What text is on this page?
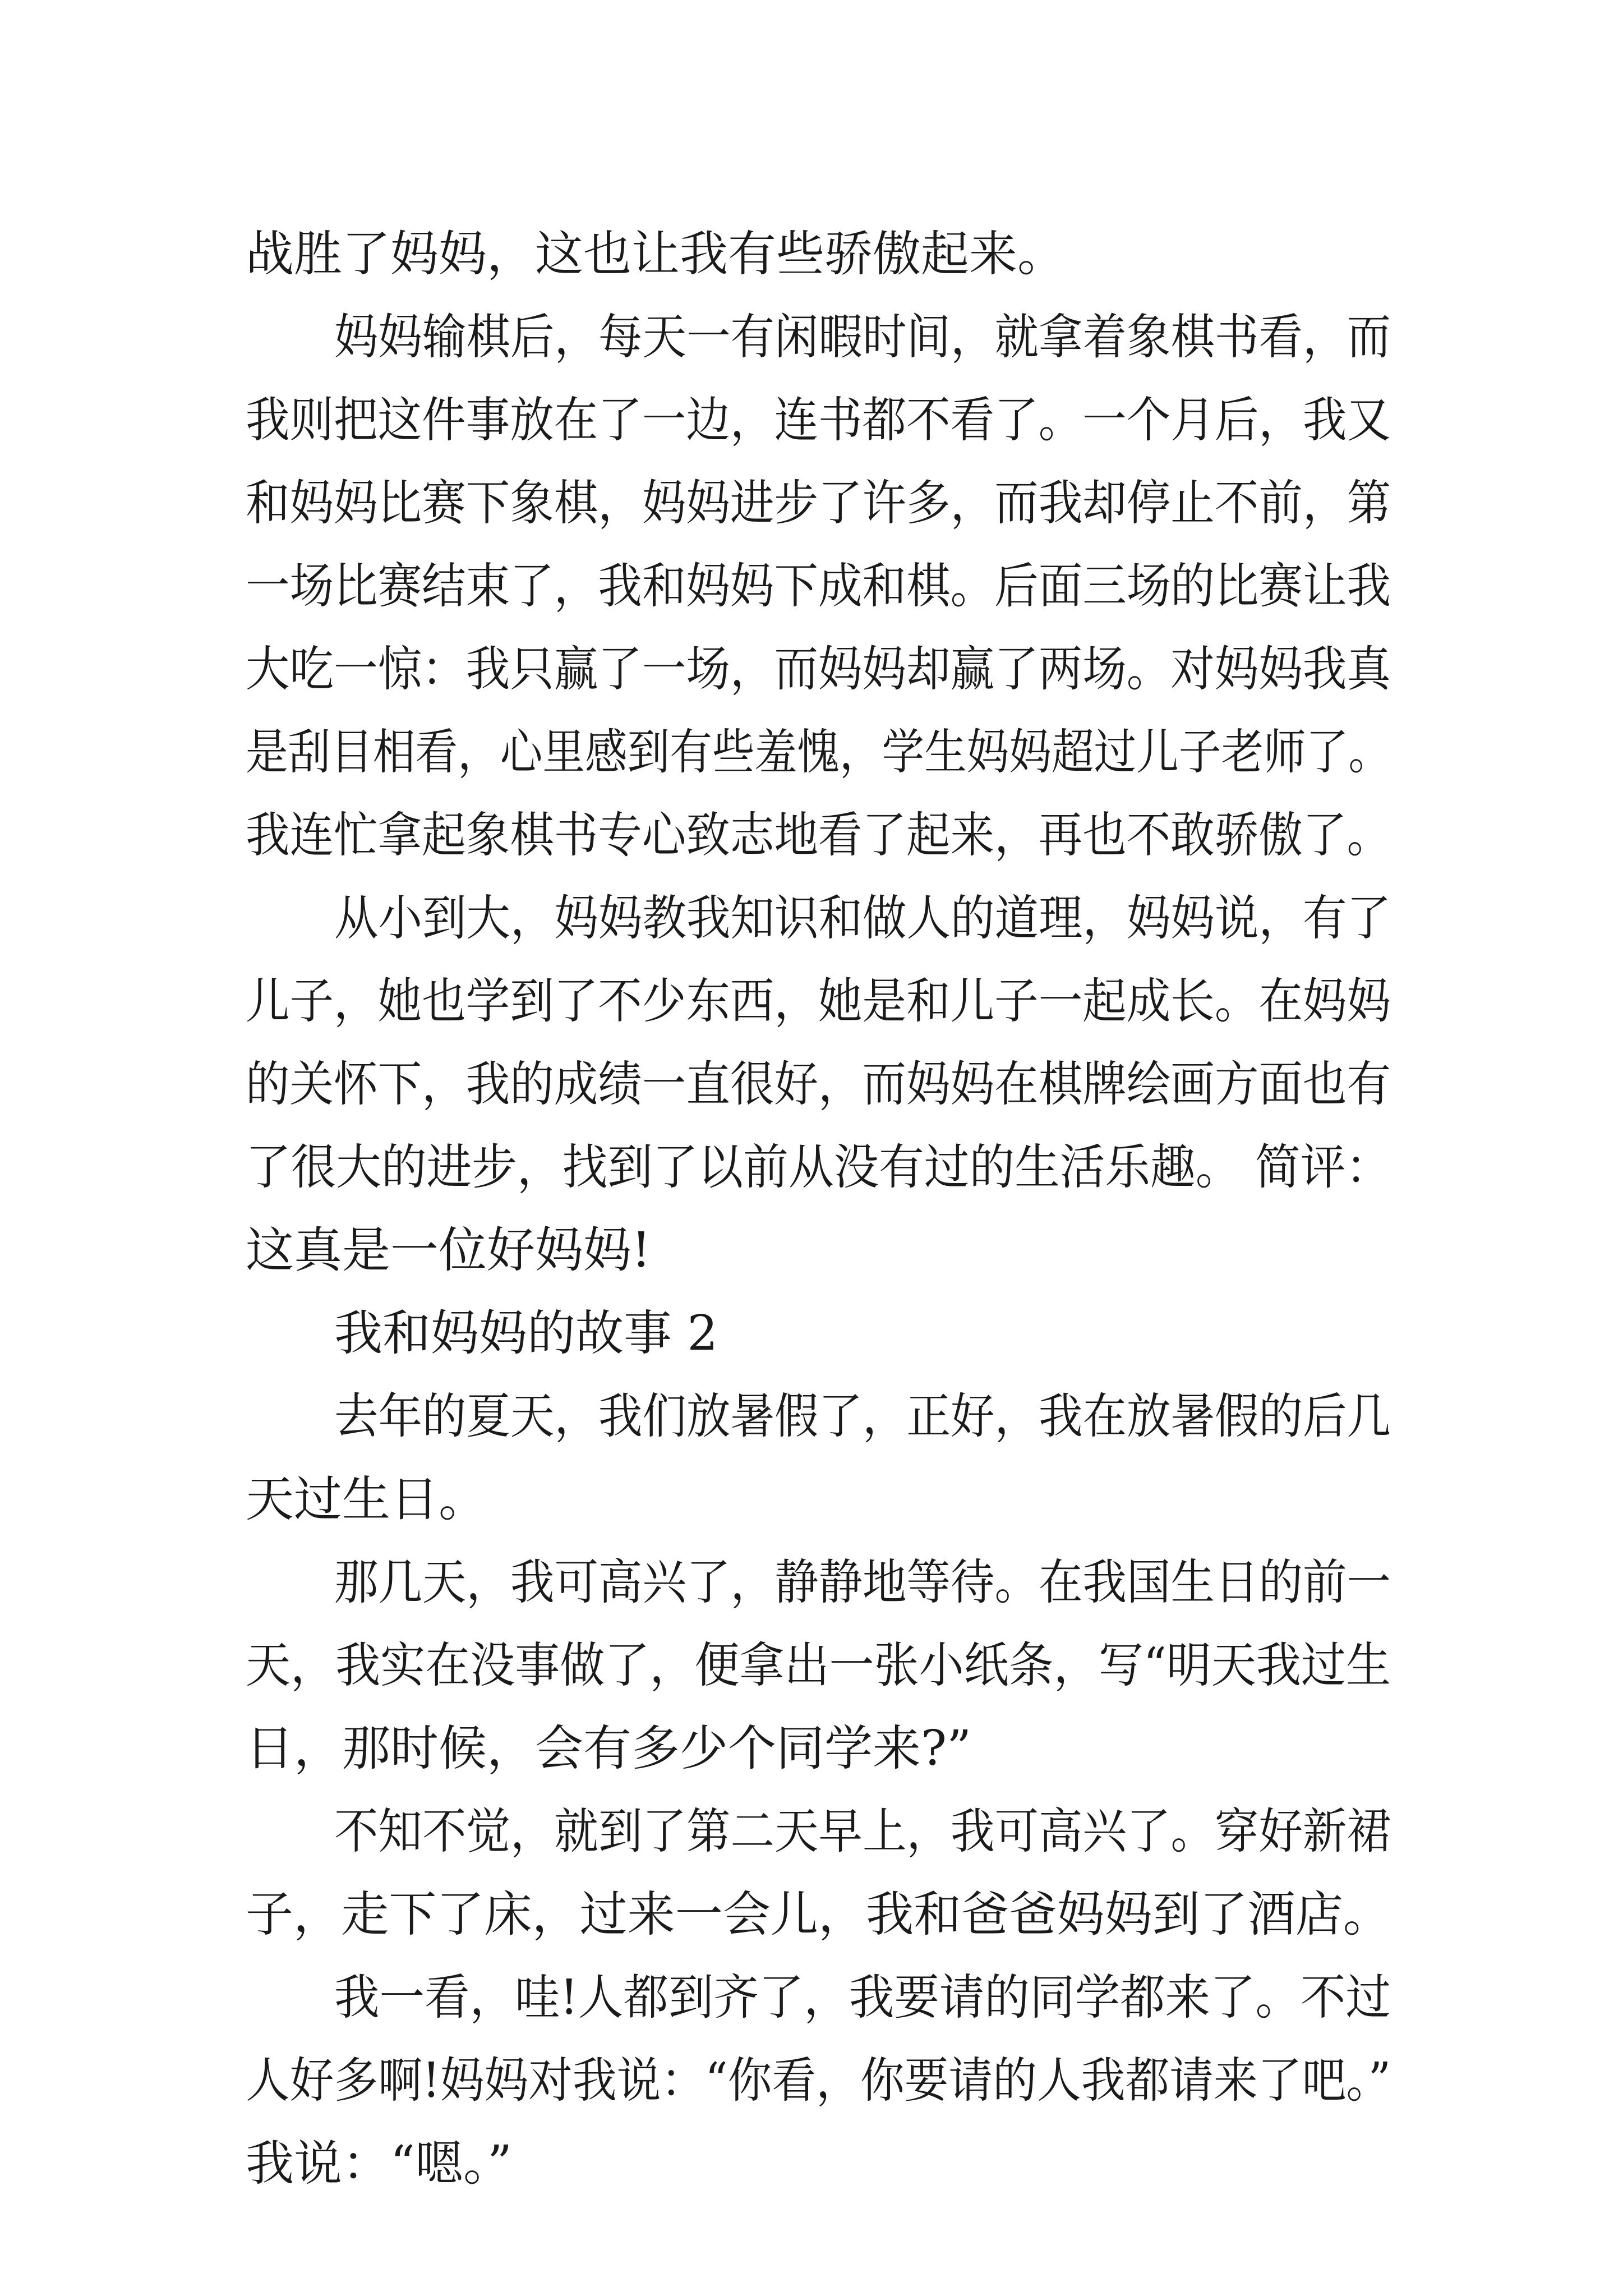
战胜了妈妈，这也让我有些骄傲起来。
妈妈输棋后，每天一有闲暇时间，就拿着象棋书看，而
我则把这件事放在了一边，连书都不看了。一个月后，我又
和妈妈比赛下象棋，妈妈进步了许多，而我却停止不前，第
一场比赛结束了，我和妈妈下成和棋。后面三场的比赛让我
大吃一惊：我只赢了一场，而妈妈却赢了两场。对妈妈我真
是刮目相看，心里感到有些羞愧，学生妈妈超过儿子老师了。
我连忙拿起象棋书专心致志地看了起来，再也不敢骄傲了。
从小到大，妈妈教我知识和做人的道理，妈妈说，有了
儿子，她也学到了不少东西，她是和儿子一起成长。在妈妈
的关怀下，我的成绩一直很好，而妈妈在棋牌绘画方面也有
了很大的进步，找到了以前从没有过的生活乐趣。 简评：
这真是一位好妈妈!
我和妈妈的故事 2
去年的夏天，我们放暑假了，正好，我在放暑假的后几
天过生日。
那几天，我可高兴了，静静地等待。在我国生日的前一
天，我实在没事做了，便拿出一张小纸条，写“明天我过生
日，那时候，会有多少个同学来?”
不知不觉，就到了第二天早上，我可高兴了。穿好新裙
子，走下了床，过来一会儿，我和爸爸妈妈到了酒店。
我一看，哇!人都到齐了，我要请的同学都来了。不过
人好多啊!妈妈对我说：“你看，你要请的人我都请来了吧。”
我说：“嗯。”
